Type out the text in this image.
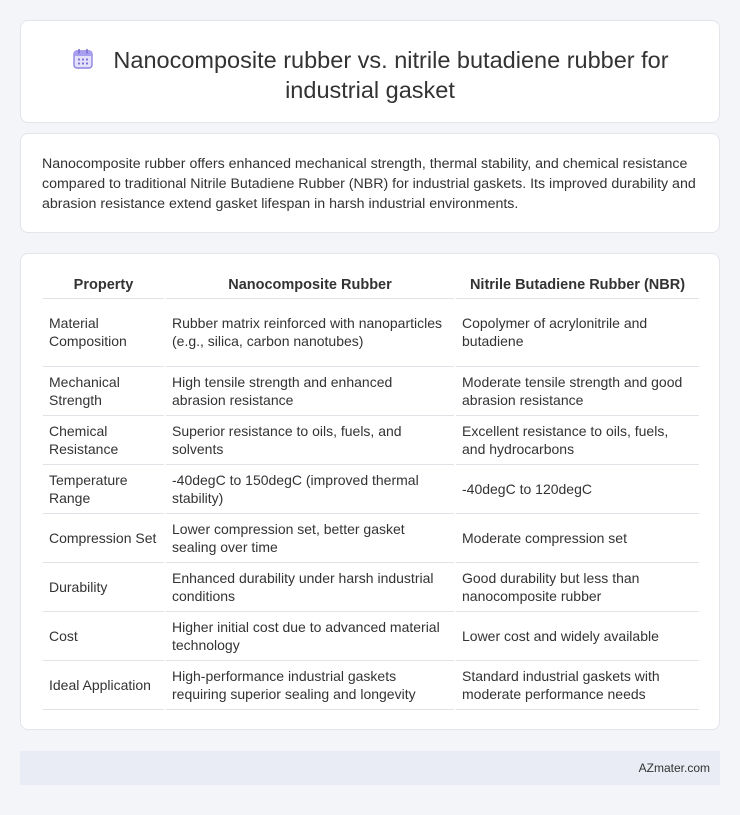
Nanocomposite rubber vs. nitrile butadiene rubber for industrial gasket

Nanocomposite rubber offers enhanced mechanical strength, thermal stability, and chemical resistance compared to traditional Nitrile Butadiene Rubber (NBR) for industrial gaskets. Its improved durability and abrasion resistance extend gasket lifespan in harsh industrial environments.

Property	Nanocomposite Rubber	Nitrile Butadiene Rubber (NBR)
Material Composition	Rubber matrix reinforced with nanoparticles (e.g., silica, carbon nanotubes)	Copolymer of acrylonitrile and butadiene
Mechanical Strength	High tensile strength and enhanced abrasion resistance	Moderate tensile strength and good abrasion resistance
Chemical Resistance	Superior resistance to oils, fuels, and solvents	Excellent resistance to oils, fuels, and hydrocarbons
Temperature Range	-40degC to 150degC (improved thermal stability)	-40degC to 120degC
Compression Set	Lower compression set, better gasket sealing over time	Moderate compression set
Durability	Enhanced durability under harsh industrial conditions	Good durability but less than nanocomposite rubber
Cost	Higher initial cost due to advanced material technology	Lower cost and widely available
Ideal Application	High-performance industrial gaskets requiring superior sealing and longevity	Standard industrial gaskets with moderate performance needs
AZmater.com
